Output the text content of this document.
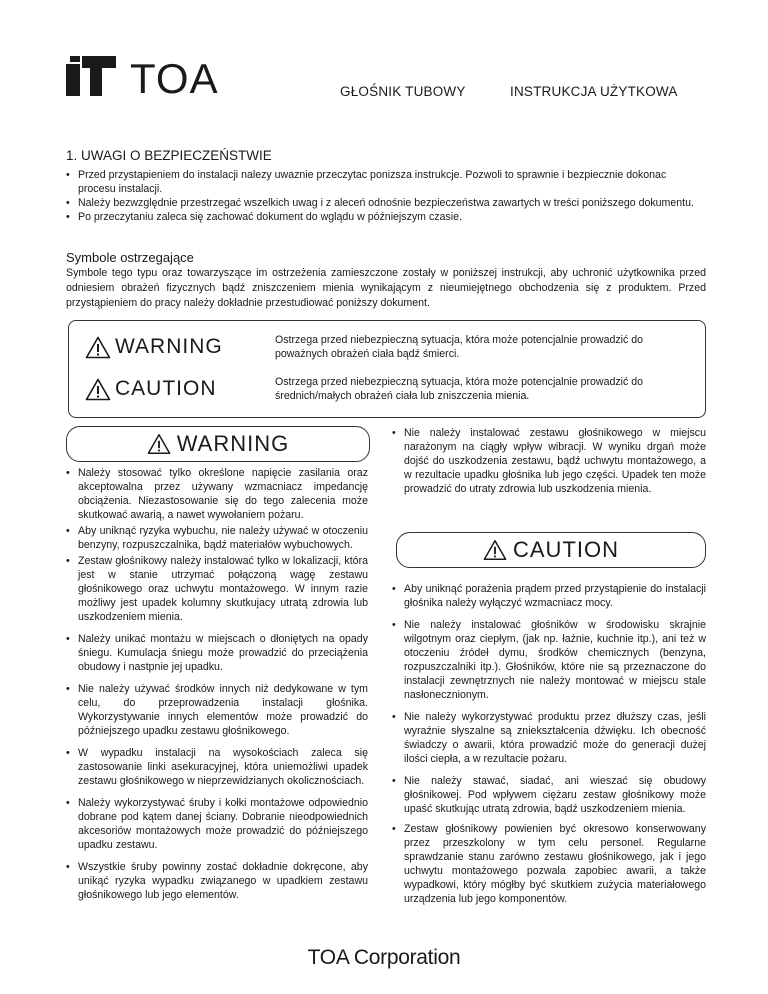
TOA	GŁOŚNIK TUBOWY	INSTRUKCJA UŻYTKOWA
1. UWAGI O BEZPIECZEŃSTWIE
• Przed przystapieniem do instalacji nalezy uwaznie przeczytac ponizsza instrukcje. Pozwoli to sprawnie i bezpiecznie dokonac procesu instalacji.
• Należy bezwzględnie przestrzegać wszelkich uwag i z aleceń odnośnie bezpieczeństwa zawartych w treści poniższego dokumentu.
• Po przeczytaniu zaleca się zachować dokument do wglądu w późniejszym czasie.
Symbole ostrzegające
Symbole tego typu oraz towarzyszące im ostrzeżenia zamieszczone zostały w poniższej instrukcji, aby uchronić użytkownika przed odniesiem obrażeń fizycznych bądź zniszczeniem mienia wynikającym z nieumiejętnego obchodzenia się z produktem. Przed przystąpieniem do pracy należy dokładnie przestudiować poniższy dokument.
WARNING	Ostrzega przed niebezpieczną sytuacja, która może potencjalnie prowadzić do poważnych obrażeń ciała bądź śmierci.
CAUTION	Ostrzega przed niebezpieczną sytuacja, która może potencjalnie prowadzić do średnich/małych obrażeń ciała lub zniszczenia mienia.
WARNING
• Należy stosować tylko określone napięcie zasilania oraz akceptowalna przez używany wzmacniacz impedancję obciążenia. Niezastosowanie się do tego zalecenia może skutkować awarią, a nawet wywołaniem pożaru.
• Aby uniknąć ryzyka wybuchu, nie należy używać w otoczeniu benzyny, rozpuszczalnika, bądź materiałów wybuchowych.
• Zestaw głośnikowy należy instalować tylko w lokalizacji, która jest w stanie utrzymać połączoną wagę zestawu głośnikowego oraz uchwytu montażowego. W innym razie możliwy jest upadek kolumny skutkujacy utratą zdrowia lub uszkodzeniem mienia.
• Należy unikać montażu w miejscach o dłoniętych na opady śniegu. Kumulacja śniegu może prowadzić do przeciążenia obudowy i nastpnie jej upadku.
• Nie należy używać środków innych niż dedykowane w tym celu, do przeprowadzenia instalacji głośnika. Wykorzystywanie innych elementów może prowadzić do późniejszego upadku zestawu głośnikowego.
• W wypadku instalacji na wysokościach zaleca się zastosowanie linki asekuracyjnej, która uniemożliwi upadek zestawu głośnikowego w nieprzewidzianych okolicznościach.
• Należy wykorzystywać śruby i kołki montażowe odpowiednio dobrane pod kątem danej ściany. Dobranie nieodpowiednich akcesoriów montażowych może prowadzić do późniejszego upadku zestawu.
• Wszystkie śruby powinny zostać dokładnie dokręcone, aby unikąć ryzyka wypadku związanego w upadkiem zestawu głośnikowego lub jego elementów.
• Nie należy instalować zestawu głośnikowego w miejscu narażonym na ciągły wpływ wibracji. W wyniku drgań może dojść do uszkodzenia zestawu, bądź uchwytu montażowego, a w rezultacie upadku głośnika lub jego części. Upadek ten może prowadzić do utraty zdrowia lub uszkodzenia mienia.
CAUTION
• Aby uniknąć porażenia prądem przed przystąpienie do instalacji głośnika należy wyłączyć wzmacniacz mocy.
• Nie należy instalować głośników w środowisku skrajnie wilgotnym oraz ciepłym, (jak np. łaźnie, kuchnie itp.), ani też w otoczeniu źródeł dymu, środków chemicznych (benzyna, rozpuszczalniki itp.). Głośników, które nie są przeznaczone do instalacji zewnętrznych nie należy montować w miejscu stale nasłonecznionym.
• Nie należy wykorzystywać produktu przez dłuższy czas, jeśli wyraźnie słyszalne są zniekształcenia dźwięku. Ich obecność świadczy o awarii, która prowadzić może do generacji dużej ilości ciepła, a w rezultacie pożaru.
• Nie należy stawać, siadać, ani wieszać się obudowy głośnikowej. Pod wpływem ciężaru zestaw głośnikowy może upaść skutkując utratą zdrowia, bądź uszkodzeniem mienia.
• Zestaw głośnikowy powienien być okresowo konserwowany przez przeszkolony w tym celu personel. Regularne sprawdzanie stanu zarówno zestawu głośnikowego, jak i jego uchwytu montażowego pozwala zapobiec awarii, a także wypadkowi, który mógłby być skutkiem zużycia materiałowego urządzenia lub jego komponentów.
TOA Corporation
